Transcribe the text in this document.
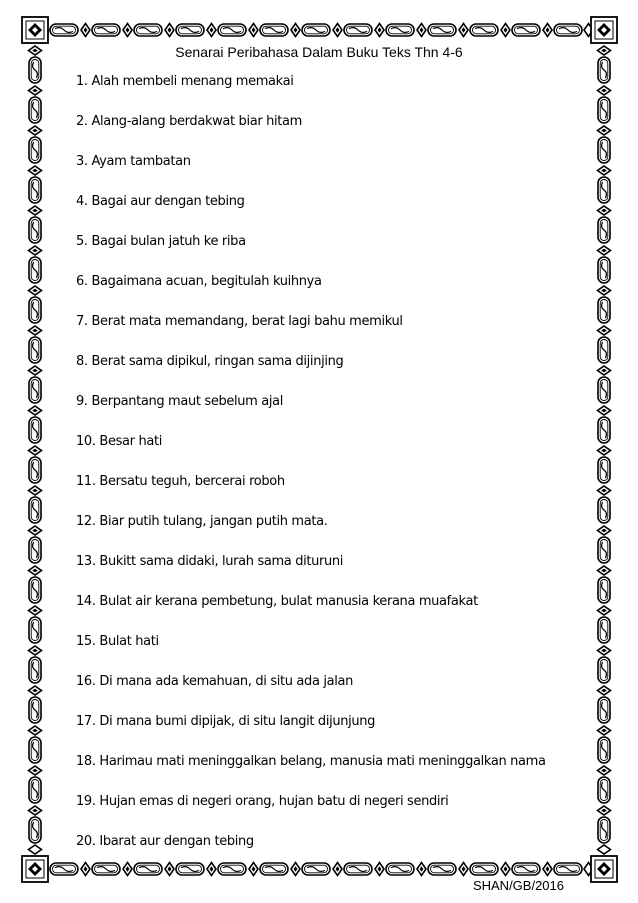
Senarai Peribahasa Dalam Buku Teks Thn 4-6
1. Alah membeli menang memakai
2. Alang-alang berdakwat biar hitam
3. Ayam tambatan
4. Bagai aur dengan tebing
5. Bagai bulan jatuh ke riba
6. Bagaimana acuan, begitulah kuihnya
7. Berat mata memandang, berat lagi bahu memikul
8. Berat sama dipikul, ringan sama dijinjing
9. Berpantang maut sebelum ajal
10. Besar hati
11. Bersatu teguh, bercerai roboh
12. Biar putih tulang, jangan putih mata.
13. Bukitt sama didaki, lurah sama dituruni
14. Bulat air kerana pembetung, bulat manusia kerana muafakat
15. Bulat hati
16. Di mana ada kemahuan, di situ ada jalan
17. Di mana bumi dipijak, di situ langit dijunjung
18. Harimau mati meninggalkan belang, manusia mati meninggalkan nama
19. Hujan emas di negeri orang, hujan batu di negeri sendiri
20. Ibarat aur dengan tebing
SHAN/GB/2016
